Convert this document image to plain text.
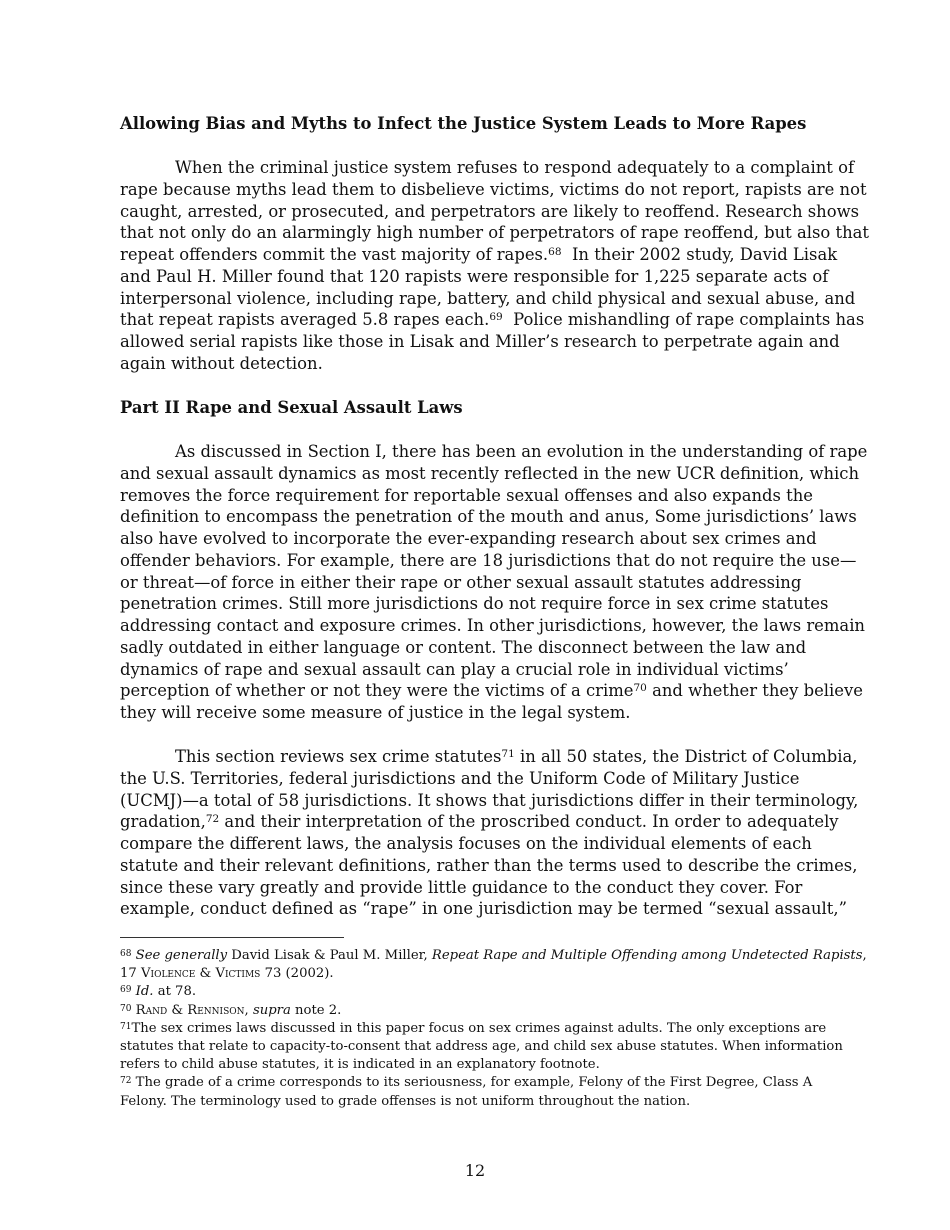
Allowing Bias and Myths to Infect the Justice System Leads to More Rapes
When the criminal justice system refuses to respond adequately to a complaint of
rape because myths lead them to disbelieve victims, victims do not report, rapists are not
caught, arrested, or prosecuted, and perpetrators are likely to reoffend. Research shows
that not only do an alarmingly high number of perpetrators of rape reoffend, but also that
repeat offenders commit the vast majority of rapes.$^{68}$ In their 2002 study, David Lisak
and Paul H. Miller found that 120 rapists were responsible for 1,225 separate acts of
interpersonal violence, including rape, battery, and child physical and sexual abuse, and
that repeat rapists averaged 5.8 rapes each.$^{69}$ Police mishandling of rape complaints has
allowed serial rapists like those in Lisak and Miller’s research to perpetrate again and
again without detection.
Part II Rape and Sexual Assault Laws
As discussed in Section I, there has been an evolution in the understanding of rape
and sexual assault dynamics as most recently reflected in the new UCR definition, which
removes the force requirement for reportable sexual offenses and also expands the
definition to encompass the penetration of the mouth and anus, Some jurisdictions’ laws
also have evolved to incorporate the ever-expanding research about sex crimes and
offender behaviors. For example, there are 18 jurisdictions that do not require the use—
or threat—of force in either their rape or other sexual assault statutes addressing
penetration crimes. Still more jurisdictions do not require force in sex crime statutes
addressing contact and exposure crimes. In other jurisdictions, however, the laws remain
sadly outdated in either language or content. The disconnect between the law and
dynamics of rape and sexual assault can play a crucial role in individual victims’
perception of whether or not they were the victims of a crime$^{70}$ and whether they believe
they will receive some measure of justice in the legal system.
This section reviews sex crime statutes$^{71}$ in all 50 states, the District of Columbia,
the U.S. Territories, federal jurisdictions and the Uniform Code of Military Justice
(UCMJ)—a total of 58 jurisdictions. It shows that jurisdictions differ in their terminology,
gradation,$^{72}$ and their interpretation of the proscribed conduct. In order to adequately
compare the different laws, the analysis focuses on the individual elements of each
statute and their relevant definitions, rather than the terms used to describe the crimes,
since these vary greatly and provide little guidance to the conduct they cover. For
example, conduct defined as “rape” in one jurisdiction may be termed “sexual assault,”
$^{68}$ See generally David Lisak & Paul M. Miller, Repeat Rape and Multiple Offending among Undetected Rapists,
17 Violence & Victims 73 (2002).
$^{69}$ Id. at 78.
$^{70}$ Rand & Rennison, supra note 2.
$^{71}$The sex crimes laws discussed in this paper focus on sex crimes against adults. The only exceptions are
statutes that relate to capacity-to-consent that address age, and child sex abuse statutes. When information
refers to child abuse statutes, it is indicated in an explanatory footnote.
$^{72}$ The grade of a crime corresponds to its seriousness, for example, Felony of the First Degree, Class A
Felony. The terminology used to grade offenses is not uniform throughout the nation.
12
